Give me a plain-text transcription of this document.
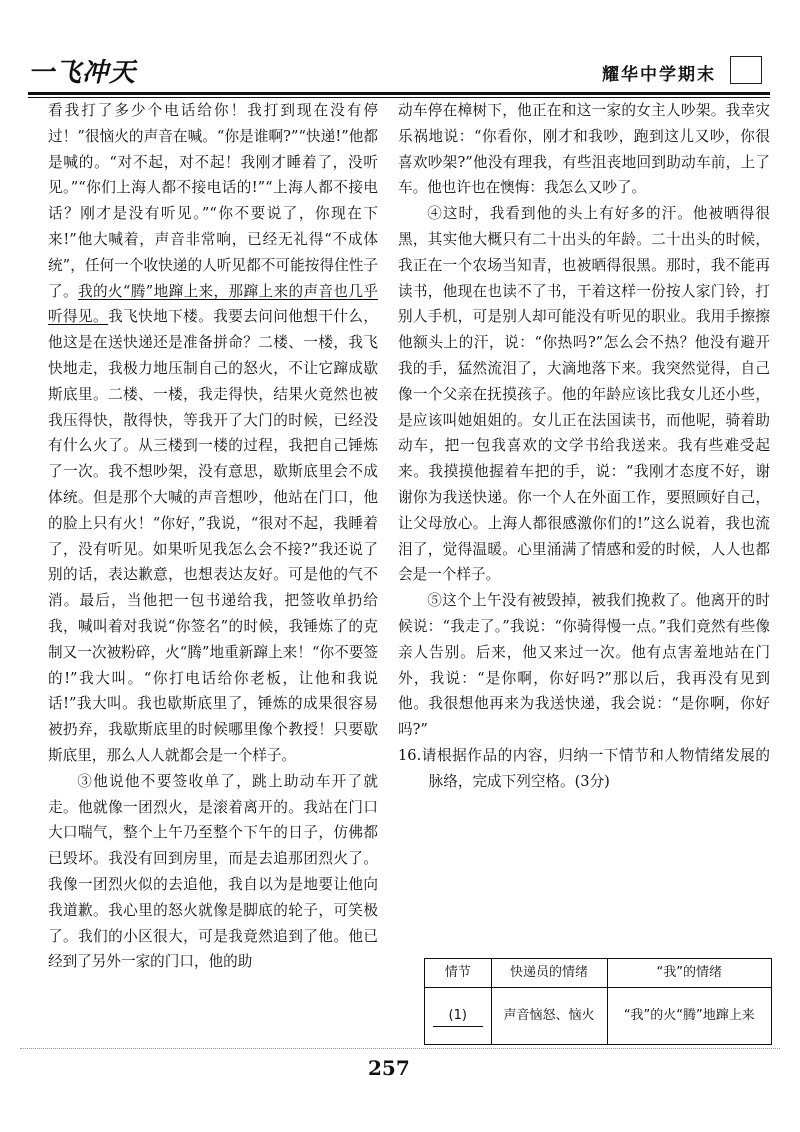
一飞冲天	耀华中学期末

看我打了多少个电话给你！我打到现在没有停过！”很恼火的声音在喊。“你是谁啊?”“快递!”他都是喊的。“对不起，对不起！我刚才睡着了，没听见。”“你们上海人都不接电话的!”“上海人都不接电话？刚才是没有听见。”“你不要说了，你现在下来!”他大喊着，声音非常响，已经无礼得“不成体统”，任何一个收快递的人听见都不可能按得住性子了。我的火“腾”地蹿上来，那蹿上来的声音也几乎听得见。我飞快地下楼。我要去问问他想干什么，他这是在送快递还是准备拼命？二楼、一楼，我飞快地走，我极力地压制自己的怒火，不让它蹿成歇斯底里。二楼、一楼，我走得快，结果火竟然也被我压得快，散得快，等我开了大门的时候，已经没有什么火了。从三楼到一楼的过程，我把自己锤炼了一次。我不想吵架，没有意思，歇斯底里会不成体统。但是那个大喊的声音想吵，他站在门口，他的脸上只有火！“你好，”我说，“很对不起，我睡着了，没有听见。如果听见我怎么会不接?”我还说了别的话，表达歉意，也想表达友好。可是他的气不消。最后，当他把一包书递给我，把签收单扔给我，喊叫着对我说“你签名”的时候，我锤炼了的克制又一次被粉碎，火“腾”地重新蹿上来！“你不要签的!”我大叫。“你打电话给你老板，让他和我说话!”我大叫。我也歇斯底里了，锤炼的成果很容易被扔弃，我歇斯底里的时候哪里像个教授！只要歇斯底里，那么人人就都会是一个样子。

③他说他不要签收单了，跳上助动车开了就走。他就像一团烈火，是滚着离开的。我站在门口大口喘气，整个上午乃至整个下午的日子，仿佛都已毁坏。我没有回到房里，而是去追那团烈火了。我像一团烈火似的去追他，我自以为是地要让他向我道歉。我心里的怒火就像是脚底的轮子，可笑极了。我们的小区很大，可是我竟然追到了他。他已经到了另外一家的门口，他的助

动车停在樟树下，他正在和这一家的女主人吵架。我幸灾乐祸地说：“你看你，刚才和我吵，跑到这儿又吵，你很喜欢吵架?”他没有理我，有些沮丧地回到助动车前，上了车。他也许也在懊悔：我怎么又吵了。

④这时，我看到他的头上有好多的汗。他被晒得很黑，其实他大概只有二十出头的年龄。二十出头的时候，我正在一个农场当知青，也被晒得很黑。那时，我不能再读书，他现在也读不了书，干着这样一份按人家门铃，打别人手机，可是别人却可能没有听见的职业。我用手擦擦他额头上的汗，说：“你热吗?”怎么会不热？他没有避开我的手，猛然流泪了，大滴地落下来。我突然觉得，自己像一个父亲在抚摸孩子。他的年龄应该比我女儿还小些，是应该叫她姐姐的。女儿正在法国读书，而他呢，骑着助动车，把一包我喜欢的文学书给我送来。我有些难受起来。我摸摸他握着车把的手，说：“我刚才态度不好，谢谢你为我送快递。你一个人在外面工作，要照顾好自己，让父母放心。上海人都很感激你们的!”这么说着，我也流泪了，觉得温暖。心里涌满了情感和爱的时候，人人也都会是一个样子。

⑤这个上午没有被毁掉，被我们挽救了。他离开的时候说：“我走了。”我说：“你骑得慢一点。”我们竟然有些像亲人告别。后来，他又来过一次。他有点害羞地站在门外，我说：“是你啊，你好吗?”那以后，我再没有见到他。我很想他再来为我送快递，我会说：“是你啊，你好吗?”

16.请根据作品的内容，归纳一下情节和人物情绪发展的脉络，完成下列空格。(3分)

情节	快递员的情绪	“我”的情绪
(1)	声音恼怒、恼火	“我”的火“腾”地蹿上来
257
